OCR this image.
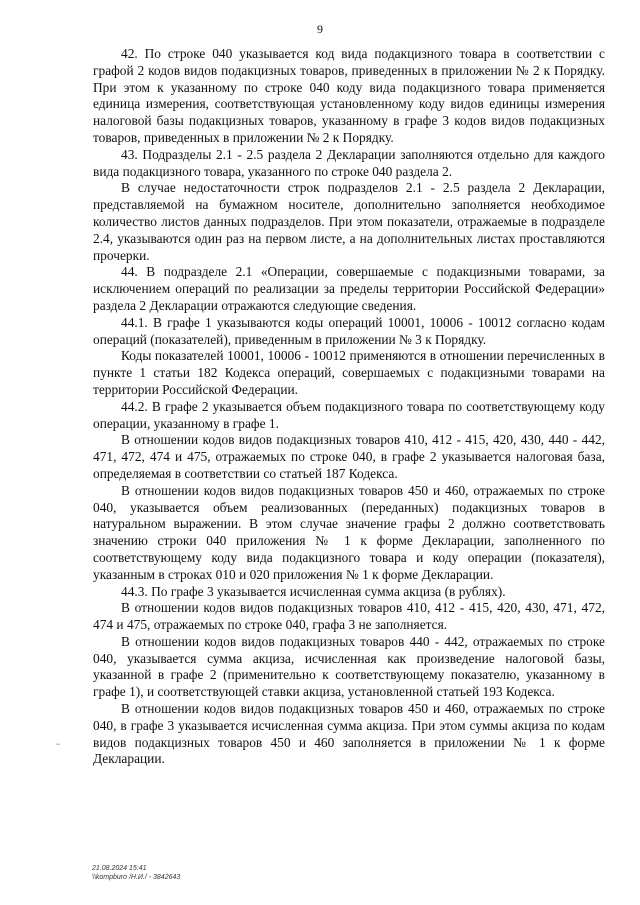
9

42. По строке 040 указывается код вида подакцизного товара в соответствии с графой 2 кодов видов подакцизных товаров, приведенных в приложении № 2 к Порядку. При этом к указанному по строке 040 коду вида подакцизного товара применяется единица измерения, соответствующая установленному коду видов единицы измерения налоговой базы подакцизных товаров, указанному в графе 3 кодов видов подакцизных товаров, приведенных в приложении № 2 к Порядку.

43. Подразделы 2.1 - 2.5 раздела 2 Декларации заполняются отдельно для каждого вида подакцизного товара, указанного по строке 040 раздела 2.

В случае недостаточности строк подразделов 2.1 - 2.5 раздела 2 Декларации, представляемой на бумажном носителе, дополнительно заполняется необходимое количество листов данных подразделов. При этом показатели, отражаемые в подразделе 2.4, указываются один раз на первом листе, а на дополнительных листах проставляются прочерки.

44. В подразделе 2.1 «Операции, совершаемые с подакцизными товарами, за исключением операций по реализации за пределы территории Российской Федерации» раздела 2 Декларации отражаются следующие сведения.

44.1. В графе 1 указываются коды операций 10001, 10006 - 10012 согласно кодам операций (показателей), приведенным в приложении № 3 к Порядку.

Коды показателей 10001, 10006 - 10012 применяются в отношении перечисленных в пункте 1 статьи 182 Кодекса операций, совершаемых с подакцизными товарами на территории Российской Федерации.

44.2. В графе 2 указывается объем подакцизного товара по соответствующему коду операции, указанному в графе 1.

В отношении кодов видов подакцизных товаров 410, 412 - 415, 420, 430, 440 - 442, 471, 472, 474 и 475, отражаемых по строке 040, в графе 2 указывается налоговая база, определяемая в соответствии со статьей 187 Кодекса.

В отношении кодов видов подакцизных товаров 450 и 460, отражаемых по строке 040, указывается объем реализованных (переданных) подакцизных товаров в натуральном выражении. В этом случае значение графы 2 должно соответствовать значению строки 040 приложения № 1 к форме Декларации, заполненного по соответствующему коду вида подакцизного товара и коду операции (показателя), указанным в строках 010 и 020 приложения № 1 к форме Декларации.

44.3. По графе 3 указывается исчисленная сумма акциза (в рублях).

В отношении кодов видов подакцизных товаров 410, 412 - 415, 420, 430, 471, 472, 474 и 475, отражаемых по строке 040, графа 3 не заполняется.

В отношении кодов видов подакцизных товаров 440 - 442, отражаемых по строке 040, указывается сумма акциза, исчисленная как произведение налоговой базы, указанной в графе 2 (применительно к соответствующему показателю, указанному в графе 1), и соответствующей ставки акциза, установленной статьей 193 Кодекса.

В отношении кодов видов подакцизных товаров 450 и 460, отражаемых по строке 040, в графе 3 указывается исчисленная сумма акциза. При этом суммы акциза по кодам видов подакцизных товаров 450 и 460 заполняется в приложении № 1 к форме Декларации.

~
21.08.2024 15:41
\\kompburo /Н.И./ - 3842643
